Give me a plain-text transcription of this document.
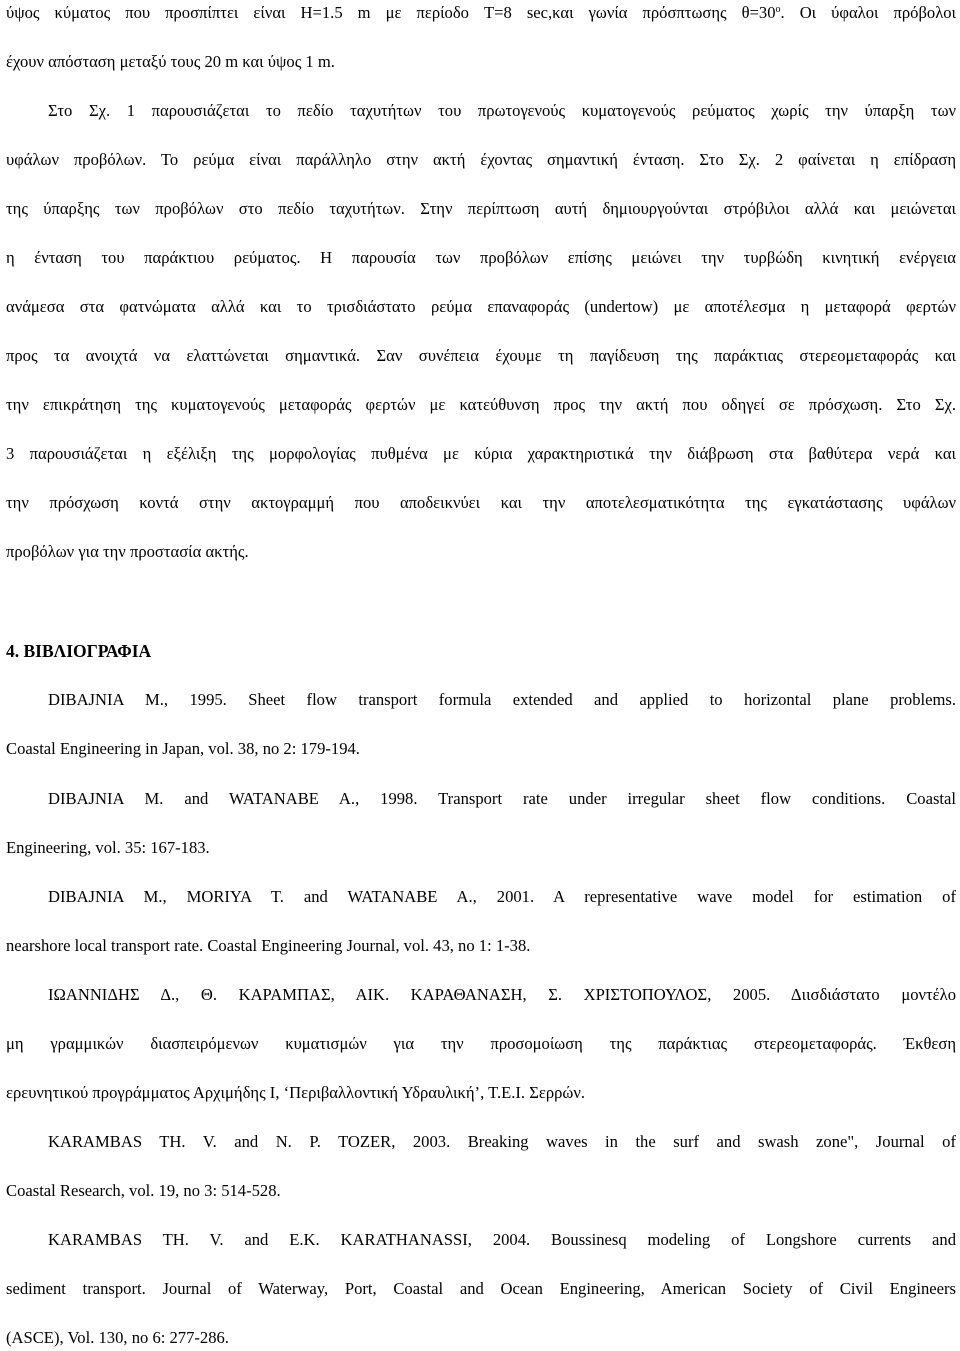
ύψος κύματος που προσπίπτει είναι H=1.5 m με περίοδο T=8 sec,και γωνία πρόσπτωσης $\theta=30^o$. Οι ύφαλοι πρόβολοι
έχουν απόσταση μεταξύ τους 20 m και ύψος 1 m.
Στο Σχ. 1 παρουσιάζεται το πεδίο ταχυτήτων του πρωτογενούς κυματογενούς ρεύματος χωρίς την ύπαρξη των
υφάλων προβόλων. Το ρεύμα είναι παράλληλο στην ακτή έχοντας σημαντική ένταση. Στο Σχ. 2 φαίνεται η επίδραση
της ύπαρξης των προβόλων στο πεδίο ταχυτήτων. Στην περίπτωση αυτή δημιουργούνται στρόβιλοι αλλά και μειώνεται
η ένταση του παράκτιου ρεύματος. Η παρουσία των προβόλων επίσης μειώνει την τυρβώδη κινητική ενέργεια
ανάμεσα στα φατνώματα αλλά και το τρισδιάστατο ρεύμα επαναφοράς (undertow) με αποτέλεσμα η μεταφορά φερτών
προς τα ανοιχτά να ελαττώνεται σημαντικά. Σαν συνέπεια έχουμε τη παγίδευση της παράκτιας στερεομεταφοράς και
την επικράτηση της κυματογενούς μεταφοράς φερτών με κατεύθυνση προς την ακτή που οδηγεί σε πρόσχωση. Στο Σχ.
3 παρουσιάζεται η εξέλιξη της μορφολογίας πυθμένα με κύρια χαρακτηριστικά την διάβρωση στα βαθύτερα νερά και
την πρόσχωση κοντά στην ακτογραμμή που αποδεικνύει και την αποτελεσματικότητα της εγκατάστασης υφάλων
προβόλων για την προστασία ακτής.
4. ΒΙΒΛΙΟΓΡΑΦΙΑ
DIBAJNIA M., 1995. Sheet flow transport formula extended and applied to horizontal plane problems.
Coastal Engineering in Japan, vol. 38, no 2: 179-194.
DIBAJNIA M. and WATANABE A., 1998. Transport rate under irregular sheet flow conditions. Coastal
Engineering, vol. 35: 167-183.
DIBAJNIA M., MORIYA T. and WATANABE A., 2001. A representative wave model for estimation of
nearshore local transport rate. Coastal Engineering Journal, vol. 43, no 1: 1-38.
ΙΩΑΝΝΙΔΗΣ Δ., Θ. ΚΑΡΑΜΠΑΣ, ΑΙΚ. ΚΑΡΑΘΑΝΑΣΗ, Σ. ΧΡΙΣΤΟΠΟΥΛΟΣ, 2005. Διισδιάστατο μοντέλο
μη γραμμικών διασπειρόμενων κυματισμών για την προσομοίωση της παράκτιας στερεομεταφοράς. Έκθεση
ερευνητικού προγράμματος Αρχιμήδης Ι, ‘Περιβαλλοντική Υδραυλική’, Τ.Ε.Ι. Σερρών.
KARAMBAS TH. V. and N. P. TOZER, 2003. Breaking waves in the surf and swash zone", Journal of
Coastal Research, vol. 19, no 3: 514-528.
KARAMBAS TH. V. and E.K. KARATHANASSI, 2004. Boussinesq modeling of Longshore currents and
sediment transport. Journal of Waterway, Port, Coastal and Ocean Engineering, American Society of Civil Engineers
(ASCE), Vol. 130, no 6: 277-286.
